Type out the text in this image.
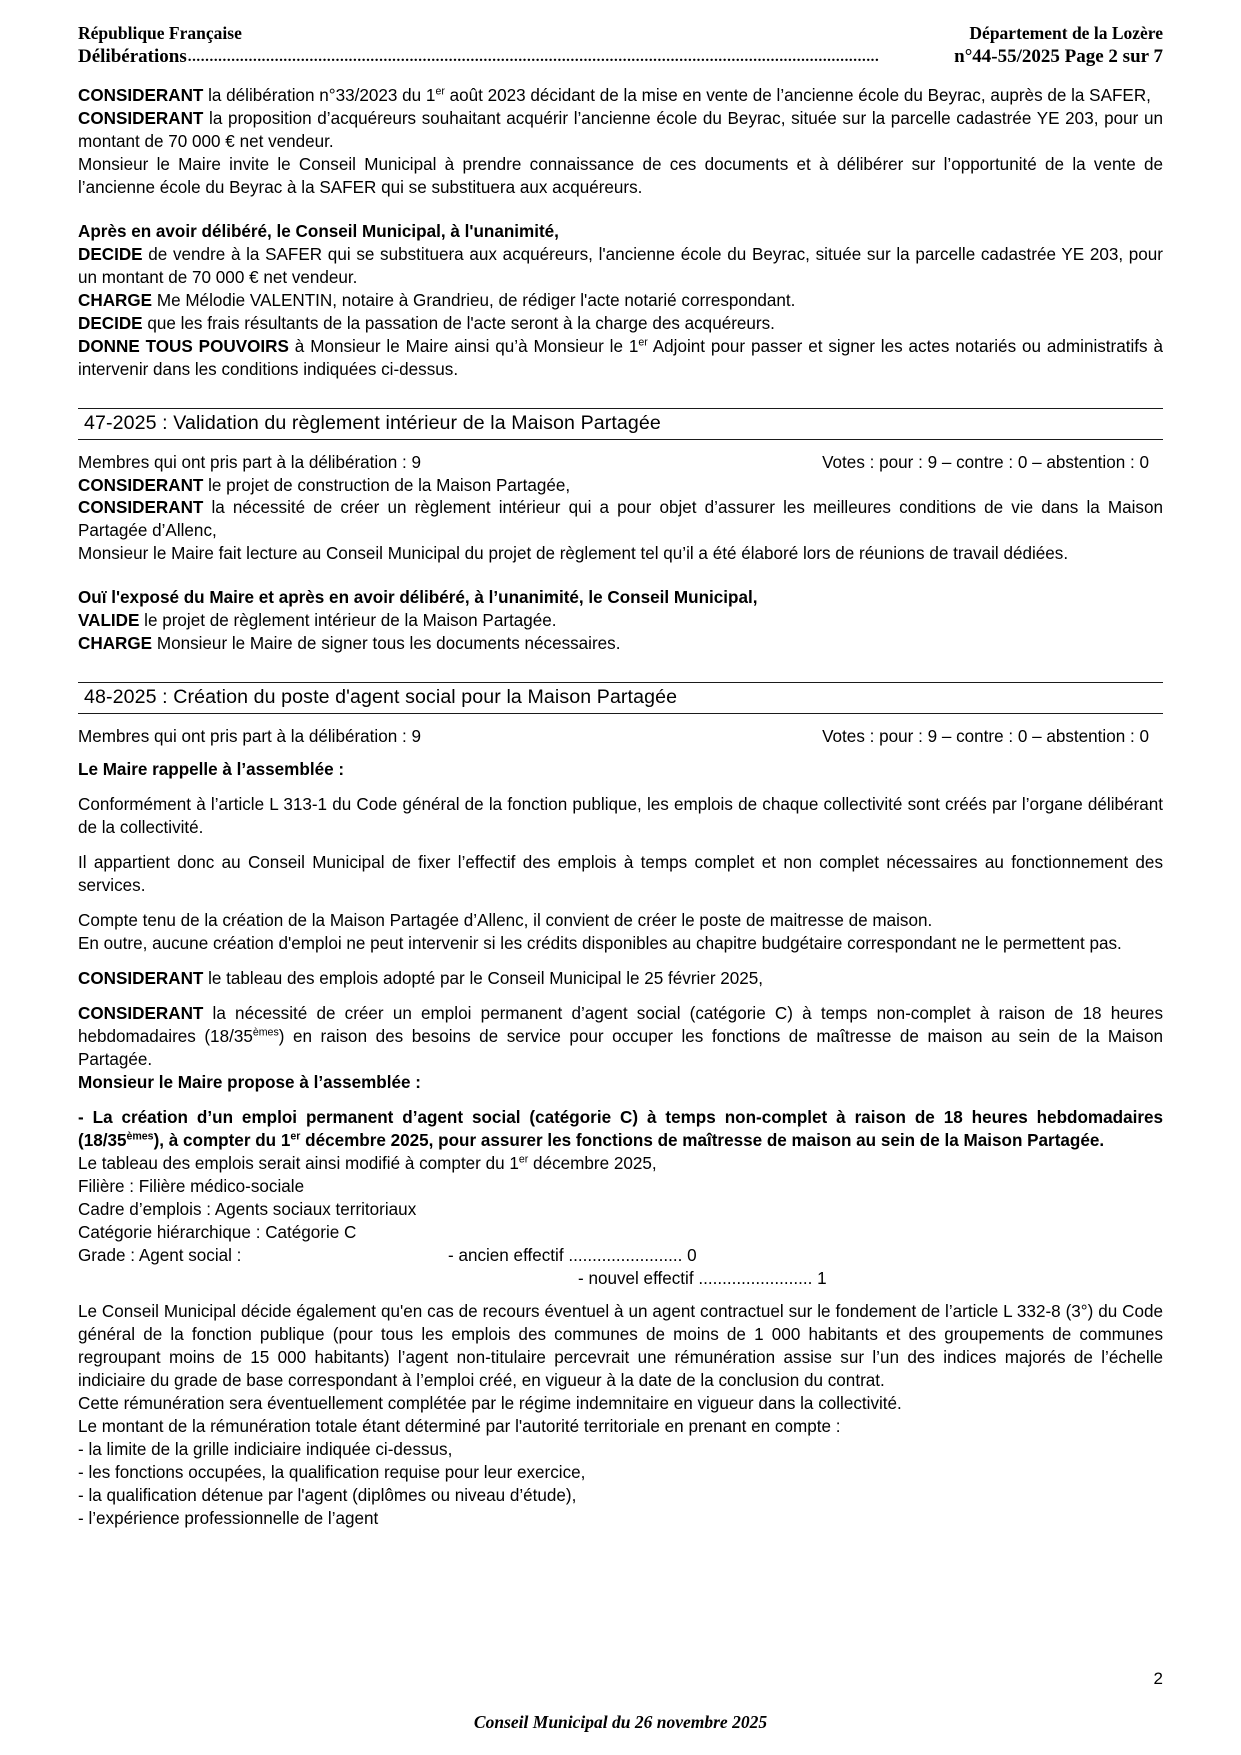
République Française	Département de la Lozère
Délibérations ...............................................................................................................................................................	n°44-55/2025 Page 2 sur 7

CONSIDERANT la délibération n°33/2023 du 1er août 2023 décidant de la mise en vente de l’ancienne école du Beyrac, auprès de la SAFER,

CONSIDERANT la proposition d’acquéreurs souhaitant acquérir l’ancienne école du Beyrac, située sur la parcelle cadastrée YE 203, pour un montant de 70 000 € net vendeur.

Monsieur le Maire invite le Conseil Municipal à prendre connaissance de ces documents et à délibérer sur l’opportunité de la vente de l’ancienne école du Beyrac à la SAFER qui se substituera aux acquéreurs.

Après en avoir délibéré, le Conseil Municipal, à l'unanimité,

DECIDE de vendre à la SAFER qui se substituera aux acquéreurs, l'ancienne école du Beyrac, située sur la parcelle cadastrée YE 203, pour un montant de 70 000 € net vendeur.

CHARGE Me Mélodie VALENTIN, notaire à Grandrieu, de rédiger l'acte notarié correspondant.

DECIDE que les frais résultants de la passation de l'acte seront à la charge des acquéreurs.

DONNE TOUS POUVOIRS à Monsieur le Maire ainsi qu’à Monsieur le 1er Adjoint pour passer et signer les actes notariés ou administratifs à intervenir dans les conditions indiquées ci-dessus.

47-2025 : Validation du règlement intérieur de la Maison Partagée
Membres qui ont pris part à la délibération : 9	Votes : pour : 9 – contre : 0 – abstention : 0

CONSIDERANT le projet de construction de la Maison Partagée,

CONSIDERANT la nécessité de créer un règlement intérieur qui a pour objet d’assurer les meilleures conditions de vie dans la Maison Partagée d’Allenc,

Monsieur le Maire fait lecture au Conseil Municipal du projet de règlement tel qu’il a été élaboré lors de réunions de travail dédiées.

Ouï l'exposé du Maire et après en avoir délibéré, à l’unanimité, le Conseil Municipal,

VALIDE le projet de règlement intérieur de la Maison Partagée.

CHARGE Monsieur le Maire de signer tous les documents nécessaires.

48-2025 : Création du poste d'agent social pour la Maison Partagée
Membres qui ont pris part à la délibération : 9	Votes : pour : 9 – contre : 0 – abstention : 0

Le Maire rappelle à l’assemblée :

Conformément à l’article L 313-1 du Code général de la fonction publique, les emplois de chaque collectivité sont créés par l’organe délibérant de la collectivité.

Il appartient donc au Conseil Municipal de fixer l’effectif des emplois à temps complet et non complet nécessaires au fonctionnement des services.

Compte tenu de la création de la Maison Partagée d’Allenc, il convient de créer le poste de maitresse de maison.

En outre, aucune création d'emploi ne peut intervenir si les crédits disponibles au chapitre budgétaire correspondant ne le permettent pas.

CONSIDERANT le tableau des emplois adopté par le Conseil Municipal le 25 février 2025,

CONSIDERANT la nécessité de créer un emploi permanent d’agent social (catégorie C) à temps non-complet à raison de 18 heures hebdomadaires (18/35èmes) en raison des besoins de service pour occuper les fonctions de maîtresse de maison au sein de la Maison Partagée.

Monsieur le Maire propose à l’assemblée :

- La création d’un emploi permanent d’agent social (catégorie C) à temps non-complet à raison de 18 heures hebdomadaires (18/35èmes), à compter du 1er décembre 2025, pour assurer les fonctions de maîtresse de maison au sein de la Maison Partagée.

Le tableau des emplois serait ainsi modifié à compter du 1er décembre 2025,

Filière : Filière médico-sociale

Cadre d’emplois : Agents sociaux territoriaux

Catégorie hiérarchique : Catégorie C

Grade : Agent social :	- ancien effectif ........................ 0
- nouvel effectif ........................ 1

Le Conseil Municipal décide également qu'en cas de recours éventuel à un agent contractuel sur le fondement de l’article L 332-8 (3°) du Code général de la fonction publique (pour tous les emplois des communes de moins de 1 000 habitants et des groupements de communes regroupant moins de 15 000 habitants) l’agent non-titulaire percevrait une rémunération assise sur l’un des indices majorés de l’échelle indiciaire du grade de base correspondant à l’emploi créé, en vigueur à la date de la conclusion du contrat.

Cette rémunération sera éventuellement complétée par le régime indemnitaire en vigueur dans la collectivité.

Le montant de la rémunération totale étant déterminé par l'autorité territoriale en prenant en compte :

- la limite de la grille indiciaire indiquée ci-dessus,

- les fonctions occupées, la qualification requise pour leur exercice,

- la qualification détenue par l'agent (diplômes ou niveau d’étude),

- l’expérience professionnelle de l’agent

2
Conseil Municipal du 26 novembre 2025
